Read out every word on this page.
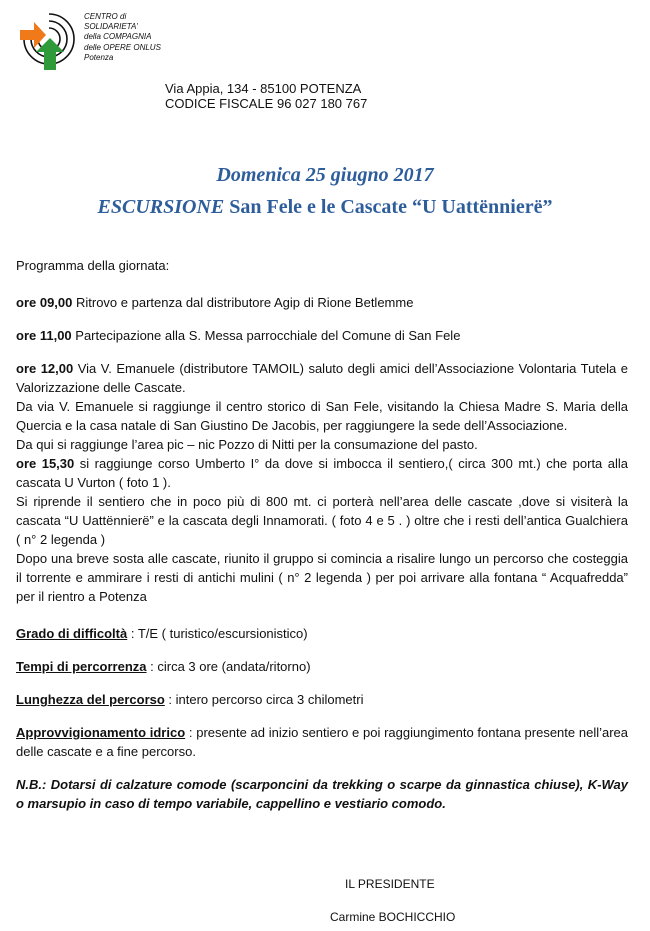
CENTRO di
SOLIDARIETA'
della COMPAGNIA
delle OPERE ONLUS
Potenza
Via Appia, 134 - 85100 POTENZA
CODICE FISCALE 96 027 180 767
Domenica 25 giugno 2017
ESCURSIONE San Fele e le Cascate “U Uattënnierë”

Programma della giornata:

ore 09,00 Ritrovo e partenza dal distributore Agip di Rione Betlemme

ore 11,00 Partecipazione alla S. Messa parrocchiale del Comune di San Fele

ore 12,00 Via V. Emanuele (distributore TAMOIL) saluto degli amici dell’Associazione Volontaria Tutela e Valorizzazione delle Cascate.

Da via V. Emanuele si raggiunge il centro storico di San Fele, visitando la Chiesa Madre S. Maria della Quercia e la casa natale di San Giustino De Jacobis, per raggiungere la sede dell’Associazione.

Da qui si raggiunge l’area pic – nic Pozzo di Nitti per la consumazione del pasto.

ore 15,30 si raggiunge corso Umberto I° da dove si imbocca il sentiero,( circa 300 mt.) che porta alla cascata U Vurton ( foto 1 ).

Si riprende il sentiero che in poco più di 800 mt. ci porterà nell’area delle cascate ,dove si visiterà la cascata “U Uattënnierë” e la cascata degli Innamorati. ( foto 4 e 5 . ) oltre che i resti dell’antica Gualchiera ( n° 2 legenda )

Dopo una breve sosta alle cascate, riunito il gruppo si comincia a risalire lungo un percorso che costeggia il torrente e ammirare i resti di antichi mulini ( n° 2 legenda ) per poi arrivare alla fontana “ Acquafredda” per il rientro a Potenza

Grado di difficoltà : T/E ( turistico/escursionistico)

Tempi di percorrenza : circa 3 ore (andata/ritorno)

Lunghezza del percorso : intero percorso circa 3 chilometri

Approvvigionamento idrico : presente ad inizio sentiero e poi raggiungimento fontana presente nell’area delle cascate e a fine percorso.

N.B.: Dotarsi di calzature comode (scarponcini da trekking o scarpe da ginnastica chiuse), K-Way o marsupio in caso di tempo variabile, cappellino e vestiario comodo.

IL PRESIDENTE
Carmine BOCHICCHIO
